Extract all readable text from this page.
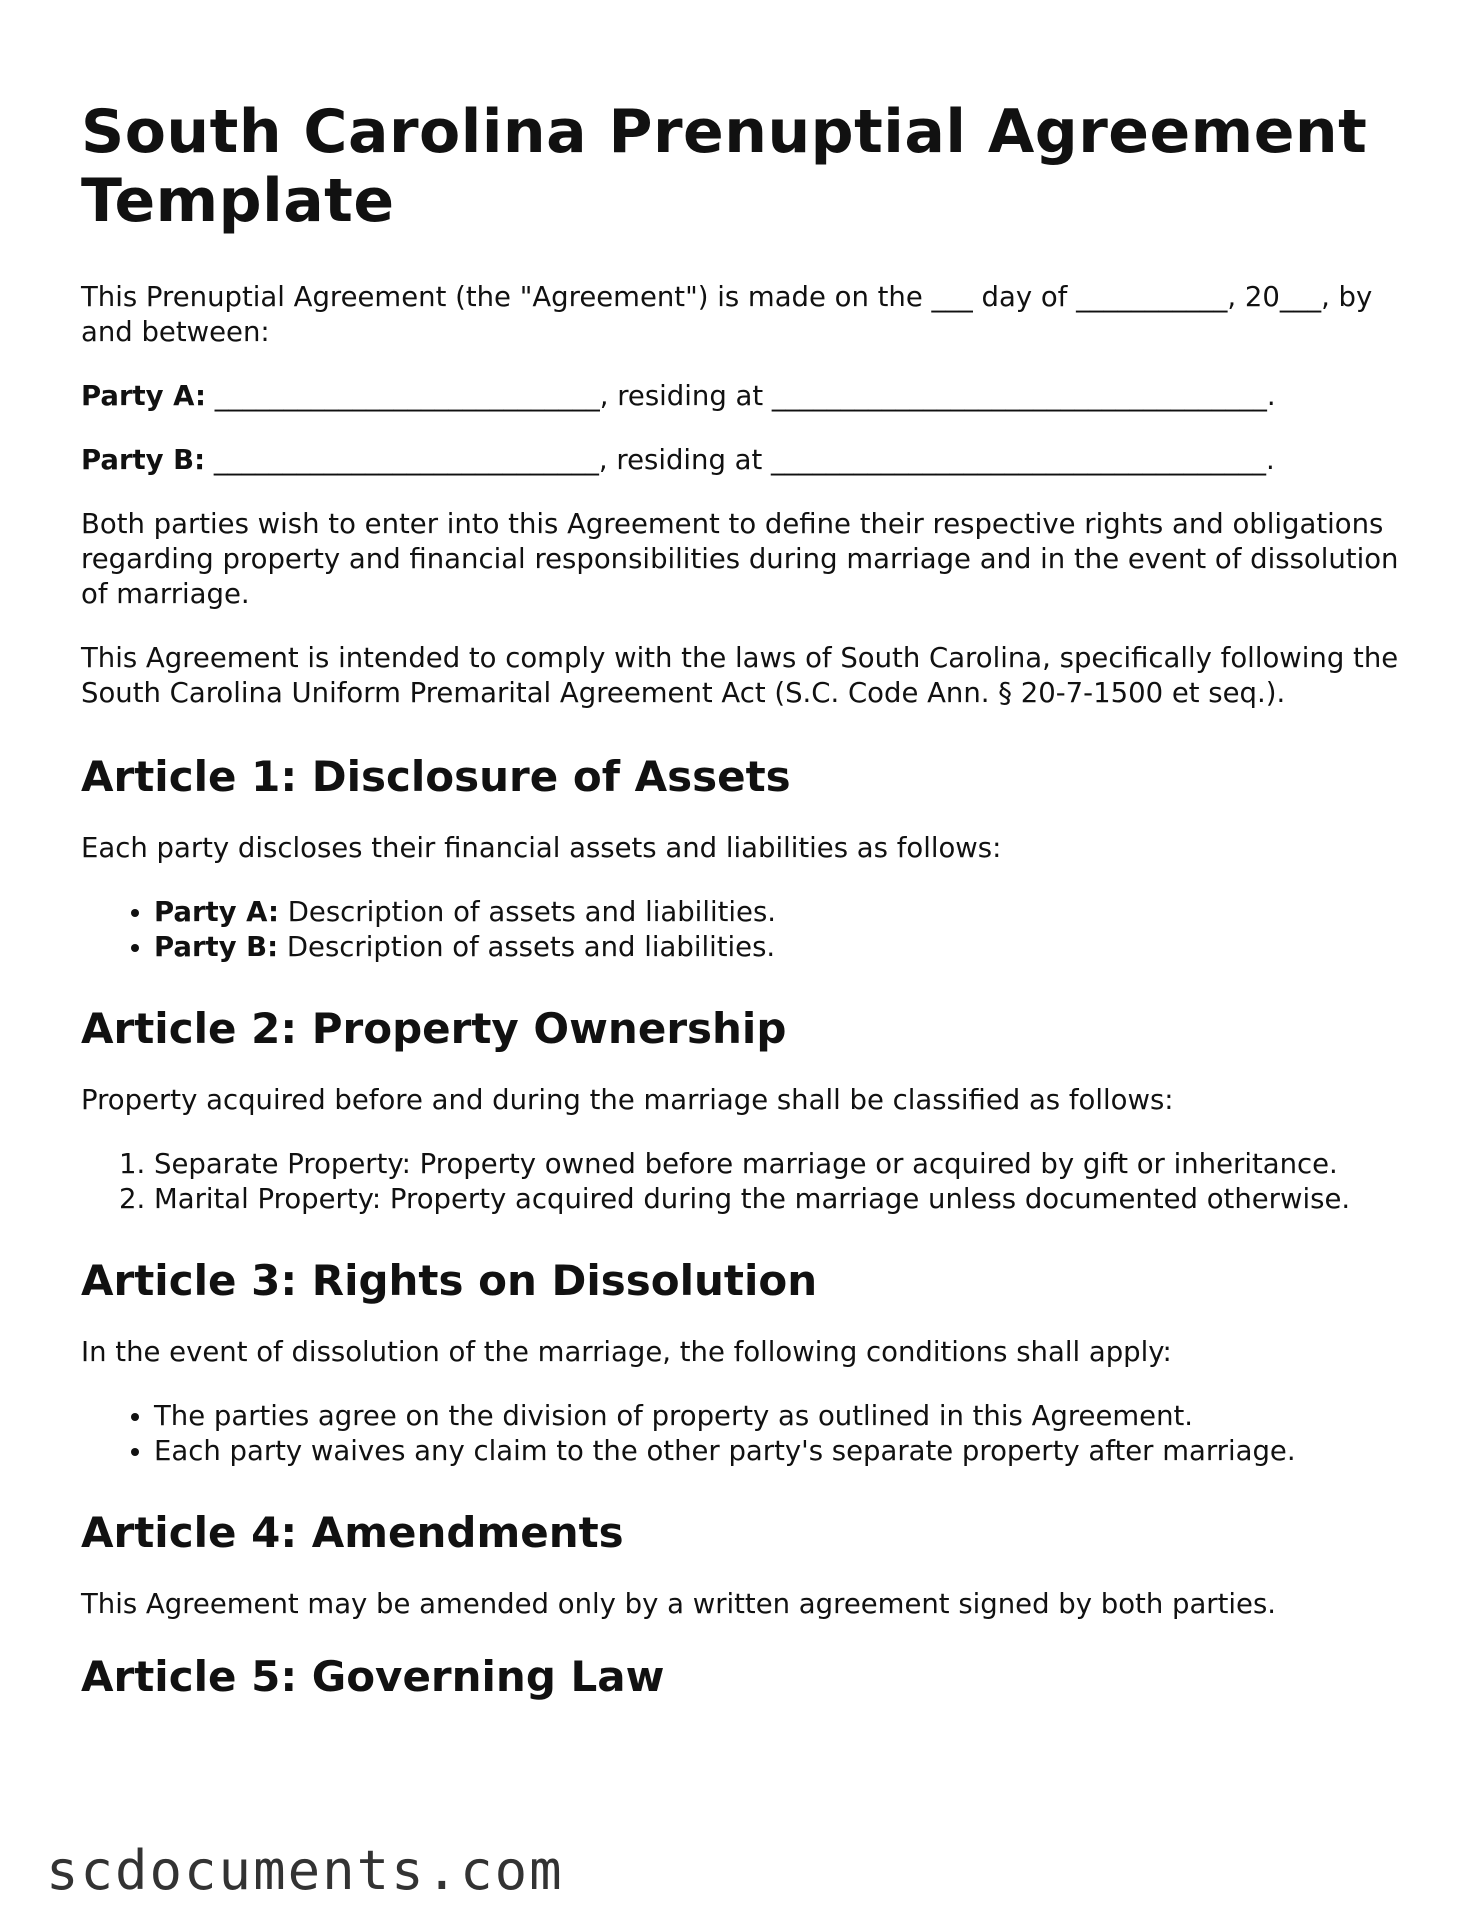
South Carolina Prenuptial Agreement Template

This Prenuptial Agreement (the "Agreement") is made on the ___ day of ___________, 20___, by and between:

Party A: ____________________________, residing at ____________________________________.
Party B: ____________________________, residing at ____________________________________.

Both parties wish to enter into this Agreement to define their respective rights and obligations regarding property and financial responsibilities during marriage and in the event of dissolution of marriage.

This Agreement is intended to comply with the laws of South Carolina, specifically following the South Carolina Uniform Premarital Agreement Act (S.C. Code Ann. § 20-7-1500 et seq.).

Article 1: Disclosure of Assets

Each party discloses their financial assets and liabilities as follows:

• Party A: Description of assets and liabilities.
• Party B: Description of assets and liabilities.
Article 2: Property Ownership

Property acquired before and during the marriage shall be classified as follows:

1. Separate Property: Property owned before marriage or acquired by gift or inheritance.
2. Marital Property: Property acquired during the marriage unless documented otherwise.
Article 3: Rights on Dissolution

In the event of dissolution of the marriage, the following conditions shall apply:

• The parties agree on the division of property as outlined in this Agreement.
• Each party waives any claim to the other party's separate property after marriage.
Article 4: Amendments

This Agreement may be amended only by a written agreement signed by both parties.

Article 5: Governing Law
scdocuments.com
